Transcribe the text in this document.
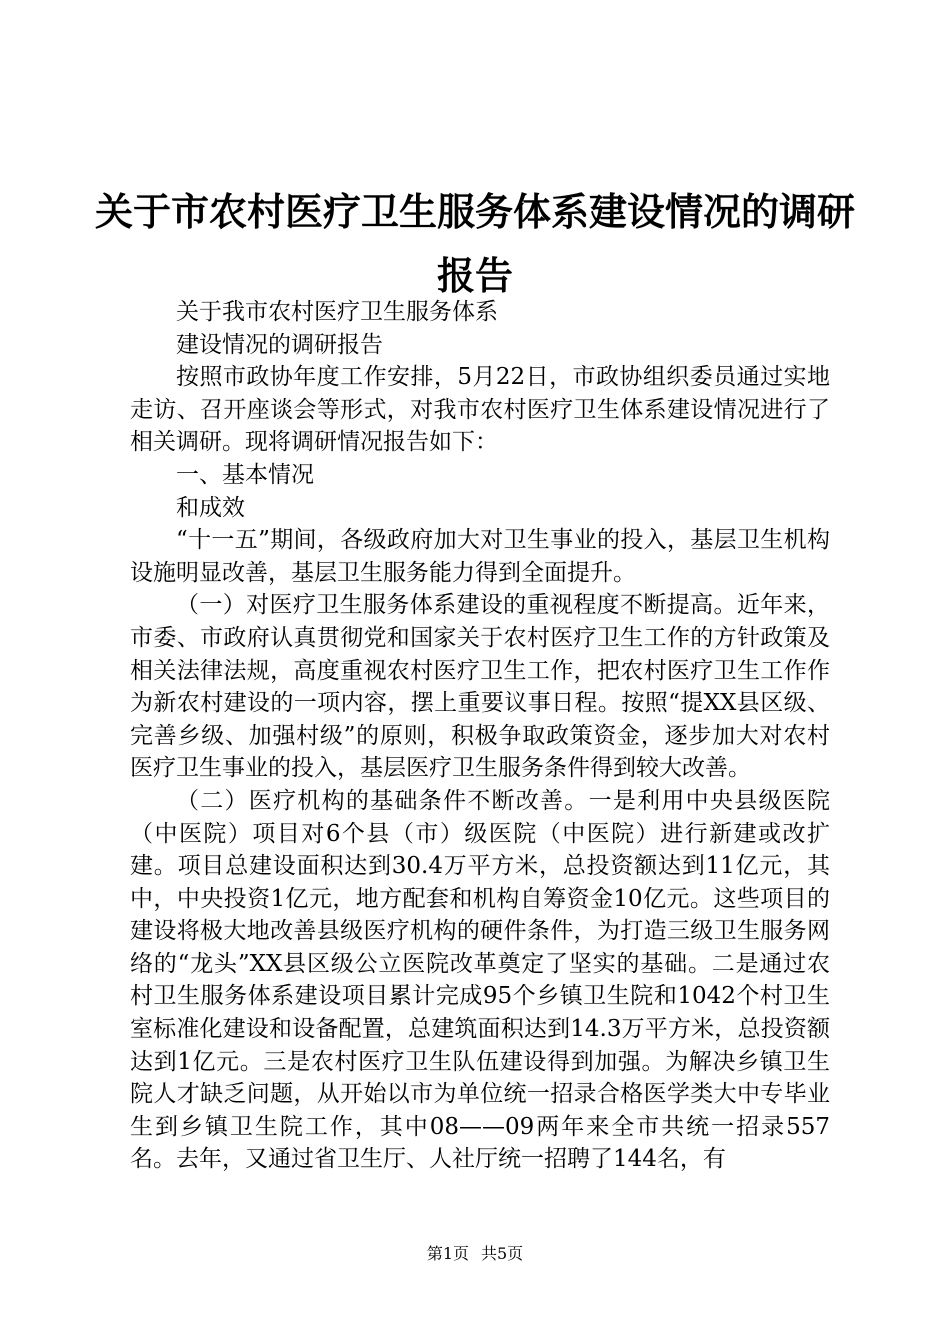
关于市农村医疗卫生服务体系建设情况的调研报告

关于我市农村医疗卫生服务体系

建设情况的调研报告

按照市政协年度工作安排，5月22日，市政协组织委员通过实地走访、召开座谈会等形式，对我市农村医疗卫生体系建设情况进行了相关调研。现将调研情况报告如下：

一、基本情况

和成效

“十一五”期间，各级政府加大对卫生事业的投入，基层卫生机构设施明显改善，基层卫生服务能力得到全面提升。

（一）对医疗卫生服务体系建设的重视程度不断提高。近年来，市委、市政府认真贯彻党和国家关于农村医疗卫生工作的方针政策及相关法律法规，高度重视农村医疗卫生工作，把农村医疗卫生工作作为新农村建设的一项内容，摆上重要议事日程。按照“提XX县区级、完善乡级、加强村级”的原则，积极争取政策资金，逐步加大对农村医疗卫生事业的投入，基层医疗卫生服务条件得到较大改善。

（二）医疗机构的基础条件不断改善。一是利用中央县级医院（中医院）项目对6个县（市）级医院（中医院）进行新建或改扩建。项目总建设面积达到30.4万平方米，总投资额达到11亿元，其中，中央投资1亿元，地方配套和机构自筹资金10亿元。这些项目的建设将极大地改善县级医疗机构的硬件条件，为打造三级卫生服务网络的“龙头”XX县区级公立医院改革奠定了坚实的基础。二是通过农村卫生服务体系建设项目累计完成95个乡镇卫生院和1042个村卫生室标准化建设和设备配置，总建筑面积达到14.3万平方米，总投资额达到1亿元。三是农村医疗卫生队伍建设得到加强。为解决乡镇卫生院人才缺乏问题，从开始以市为单位统一招录合格医学类大中专毕业生到乡镇卫生院工作，其中08——09两年来全市共统一招录557名。去年，又通过省卫生厅、人社厅统一招聘了144名，有

第1页 共5页
